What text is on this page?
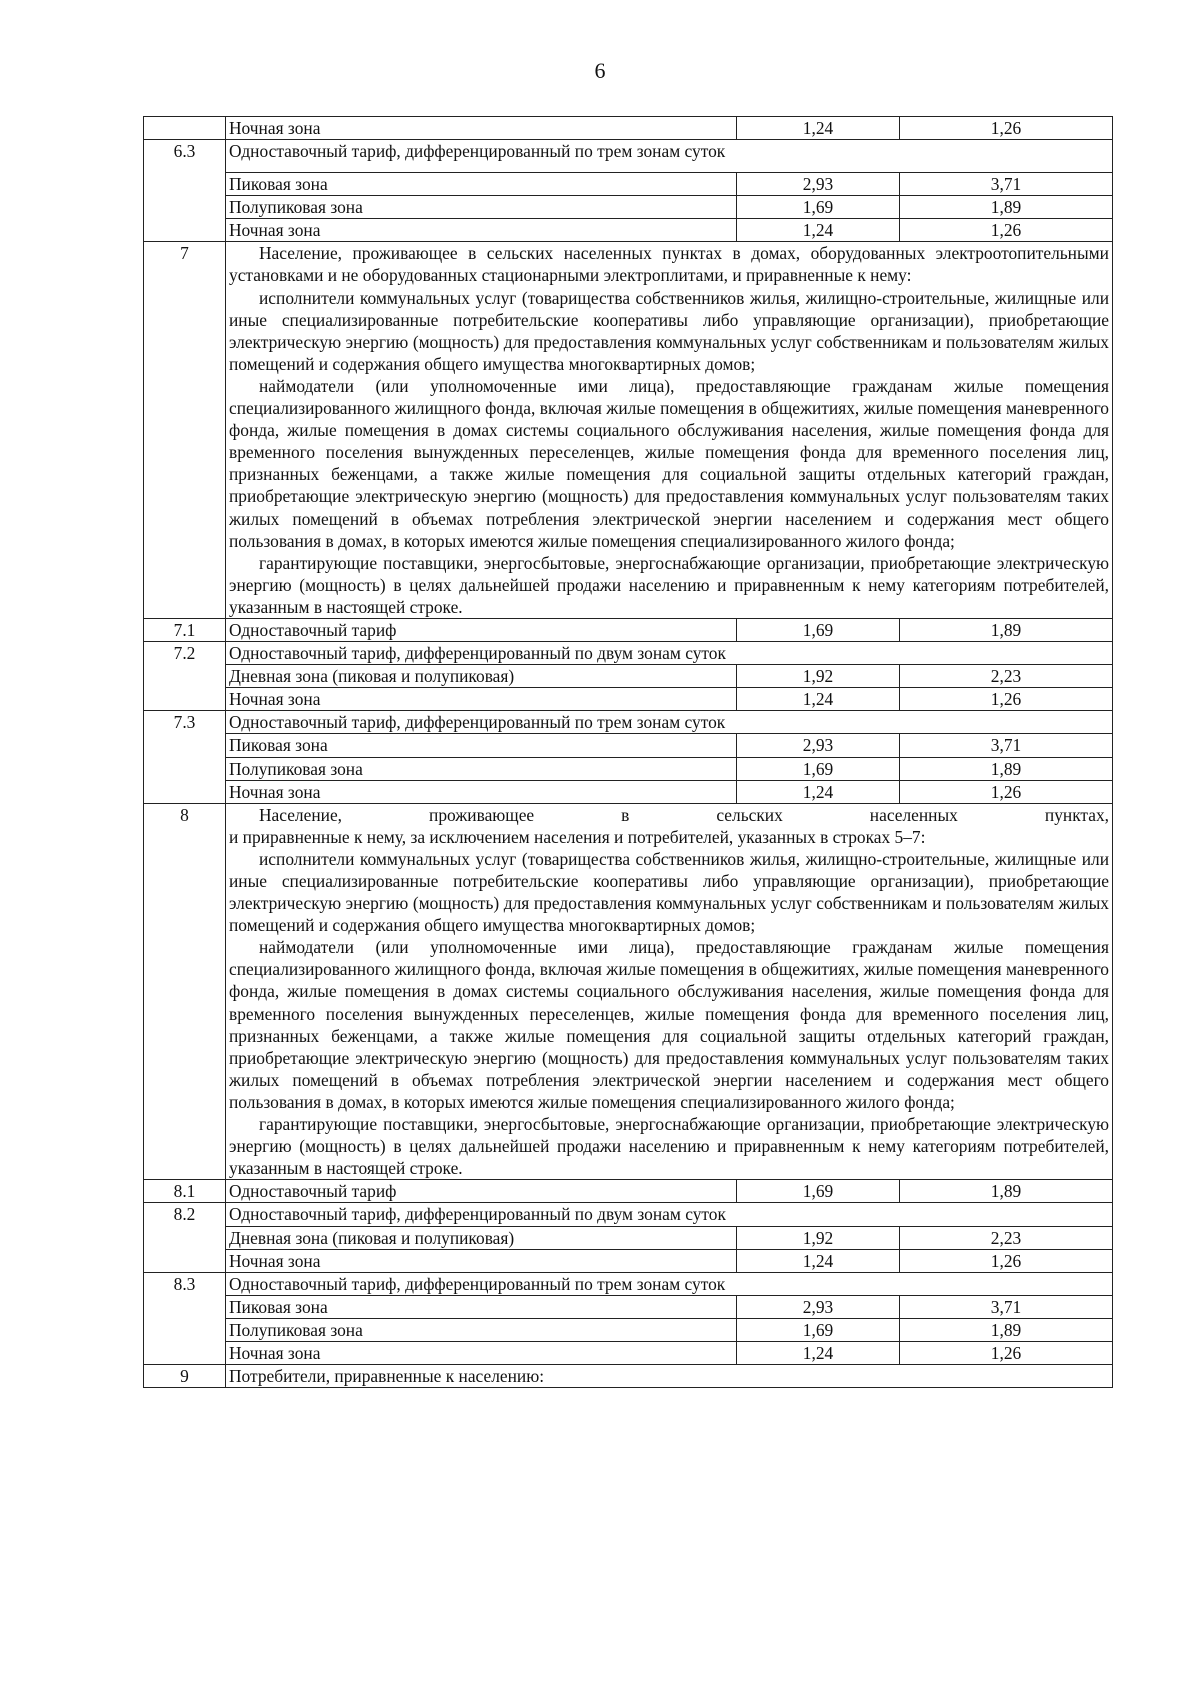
6
	Ночная зона	1,24	1,26
6.3	Одноставочный тариф, дифференцированный по трем зонам суток		
	Пиковая зона	2,93	3,71
	Полупиковая зона	1,69	1,89
	Ночная зона	1,24	1,26
7	Население, проживающее в сельских населенных пунктах в домах, оборудованных электроотопительными установками и не оборудованных стационарными электроплитами, и приравненные к нему:

исполнители коммунальных услуг (товарищества собственников жилья, жилищно-строительные, жилищные или иные специализированные потребительские кооперативы либо управляющие организации), приобретающие электрическую энергию (мощность) для предоставления коммунальных услуг собственникам и пользователям жилых помещений и содержания общего имущества многоквартирных домов;

наймодатели (или уполномоченные ими лица), предоставляющие гражданам жилые помещения специализированного жилищного фонда, включая жилые помещения в общежитиях, жилые помещения маневренного фонда, жилые помещения в домах системы социального обслуживания населения, жилые помещения фонда для временного поселения вынужденных переселенцев, жилые помещения фонда для временного поселения лиц, признанных беженцами, а также жилые помещения для социальной защиты отдельных категорий граждан, приобретающие электрическую энергию (мощность) для предоставления коммунальных услуг пользователям таких жилых помещений в объемах потребления электрической энергии населением и содержания мест общего пользования в домах, в которых имеются жилые помещения специализированного жилого фонда;

гарантирующие поставщики, энергосбытовые, энергоснабжающие организации, приобретающие электрическую энергию (мощность) в целях дальнейшей продажи населению и приравненным к нему категориям потребителей, указанным в настоящей строке.		

7.1	Одноставочный тариф	1,69	1,89
7.2	Одноставочный тариф, дифференцированный по двум зонам суток		
	Дневная зона (пиковая и полупиковая)	1,92	2,23
	Ночная зона	1,24	1,26
7.3	Одноставочный тариф, дифференцированный по трем зонам суток		
	Пиковая зона	2,93	3,71
	Полупиковая зона	1,69	1,89
	Ночная зона	1,24	1,26
8	Население, проживающее в сельских населенных пунктах,

и приравненные к нему, за исключением населения и потребителей, указанных в строках 5–7:

исполнители коммунальных услуг (товарищества собственников жилья, жилищно-строительные, жилищные или иные специализированные потребительские кооперативы либо управляющие организации), приобретающие электрическую энергию (мощность) для предоставления коммунальных услуг собственникам и пользователям жилых помещений и содержания общего имущества многоквартирных домов;

наймодатели (или уполномоченные ими лица), предоставляющие гражданам жилые помещения специализированного жилищного фонда, включая жилые помещения в общежитиях, жилые помещения маневренного фонда, жилые помещения в домах системы социального обслуживания населения, жилые помещения фонда для временного поселения вынужденных переселенцев, жилые помещения фонда для временного поселения лиц, признанных беженцами, а также жилые помещения для социальной защиты отдельных категорий граждан, приобретающие электрическую энергию (мощность) для предоставления коммунальных услуг пользователям таких жилых помещений в объемах потребления электрической энергии населением и содержания мест общего пользования в домах, в которых имеются жилые помещения специализированного жилого фонда;

гарантирующие поставщики, энергосбытовые, энергоснабжающие организации, приобретающие электрическую энергию (мощность) в целях дальнейшей продажи населению и приравненным к нему категориям потребителей, указанным в настоящей строке.		

8.1	Одноставочный тариф	1,69	1,89
8.2	Одноставочный тариф, дифференцированный по двум зонам суток		
	Дневная зона (пиковая и полупиковая)	1,92	2,23
	Ночная зона	1,24	1,26
8.3	Одноставочный тариф, дифференцированный по трем зонам суток		
	Пиковая зона	2,93	3,71
	Полупиковая зона	1,69	1,89
	Ночная зона	1,24	1,26
9	Потребители, приравненные к населению:		
